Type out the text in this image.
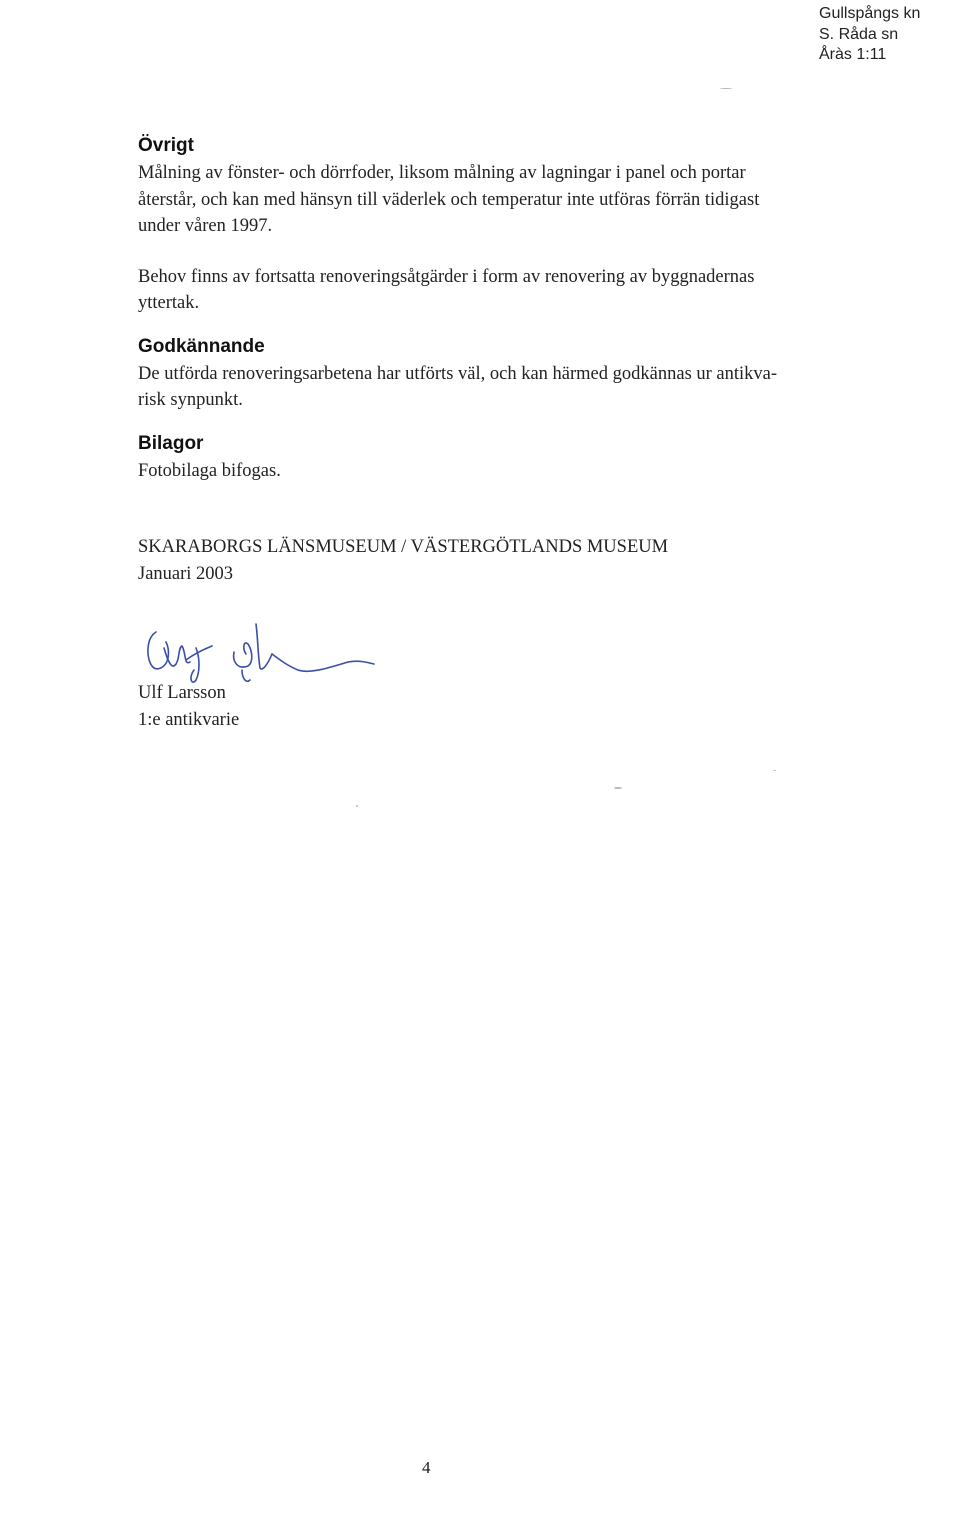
Gullspångs kn
S. Råda sn
Åràs 1:11
Övrigt

Målning av fönster- och dörrfoder, liksom målning av lagningar i panel och portar
återstår, och kan med hänsyn till väderlek och temperatur inte utföras förrän tidigast
under våren 1997.

Behov finns av fortsatta renoveringsåtgärder i form av renovering av byggnadernas
yttertak.

Godkännande

De utförda renoveringsarbetena har utförts väl, och kan härmed godkännas ur antikva-
risk synpunkt.

Bilagor

Fotobilaga bifogas.

SKARABORGS LÄNSMUSEUM / VÄSTERGÖTLANDS MUSEUM
Januari 2003

Ulf Larsson
1:e antikvarie

4
